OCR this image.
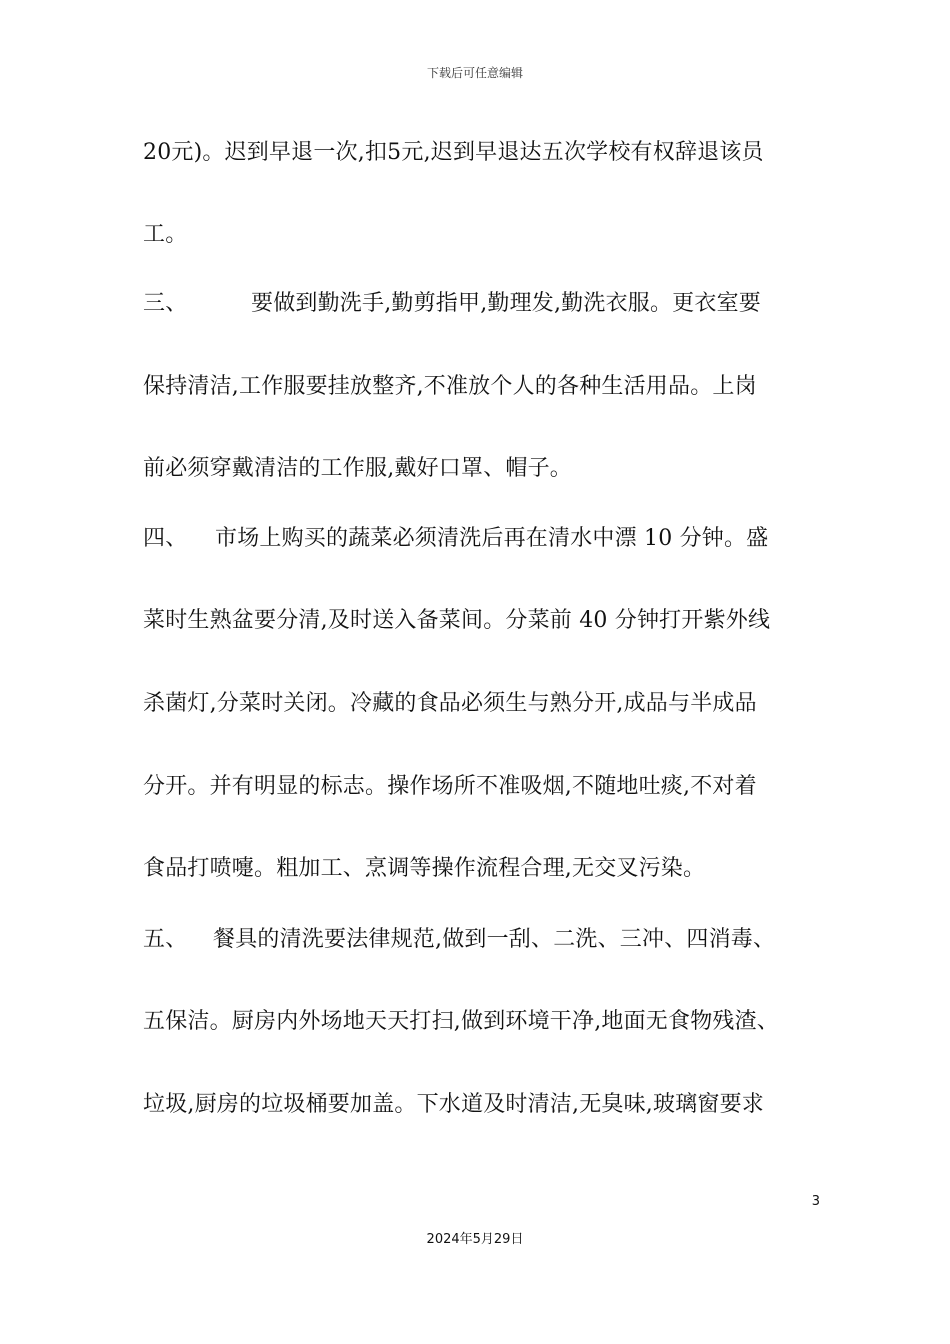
下载后可任意编辑
20元)。迟到早退一次,扣5元,迟到早退达五次学校有权辞退该员
工。
三、	要做到勤洗手,勤剪指甲,勤理发,勤洗衣服。更衣室要
保持清洁,工作服要挂放整齐,不准放个人的各种生活用品。上岗
前必须穿戴清洁的工作服,戴好口罩、帽子。
四、 市场上购买的蔬菜必须清洗后再在清水中漂 10 分钟。盛
菜时生熟盆要分清,及时送入备菜间。分菜前 40 分钟打开紫外线
杀菌灯,分菜时关闭。冷藏的食品必须生与熟分开,成品与半成品
分开。并有明显的标志。操作场所不准吸烟,不随地吐痰,不对着
食品打喷嚏。粗加工、烹调等操作流程合理,无交叉污染。
五、 餐具的清洗要法律规范,做到一刮、二洗、三冲、四消毒、
五保洁。厨房内外场地天天打扫,做到环境干净,地面无食物残渣、
垃圾,厨房的垃圾桶要加盖。下水道及时清洁,无臭味,玻璃窗要求
3
2024年5月29日
